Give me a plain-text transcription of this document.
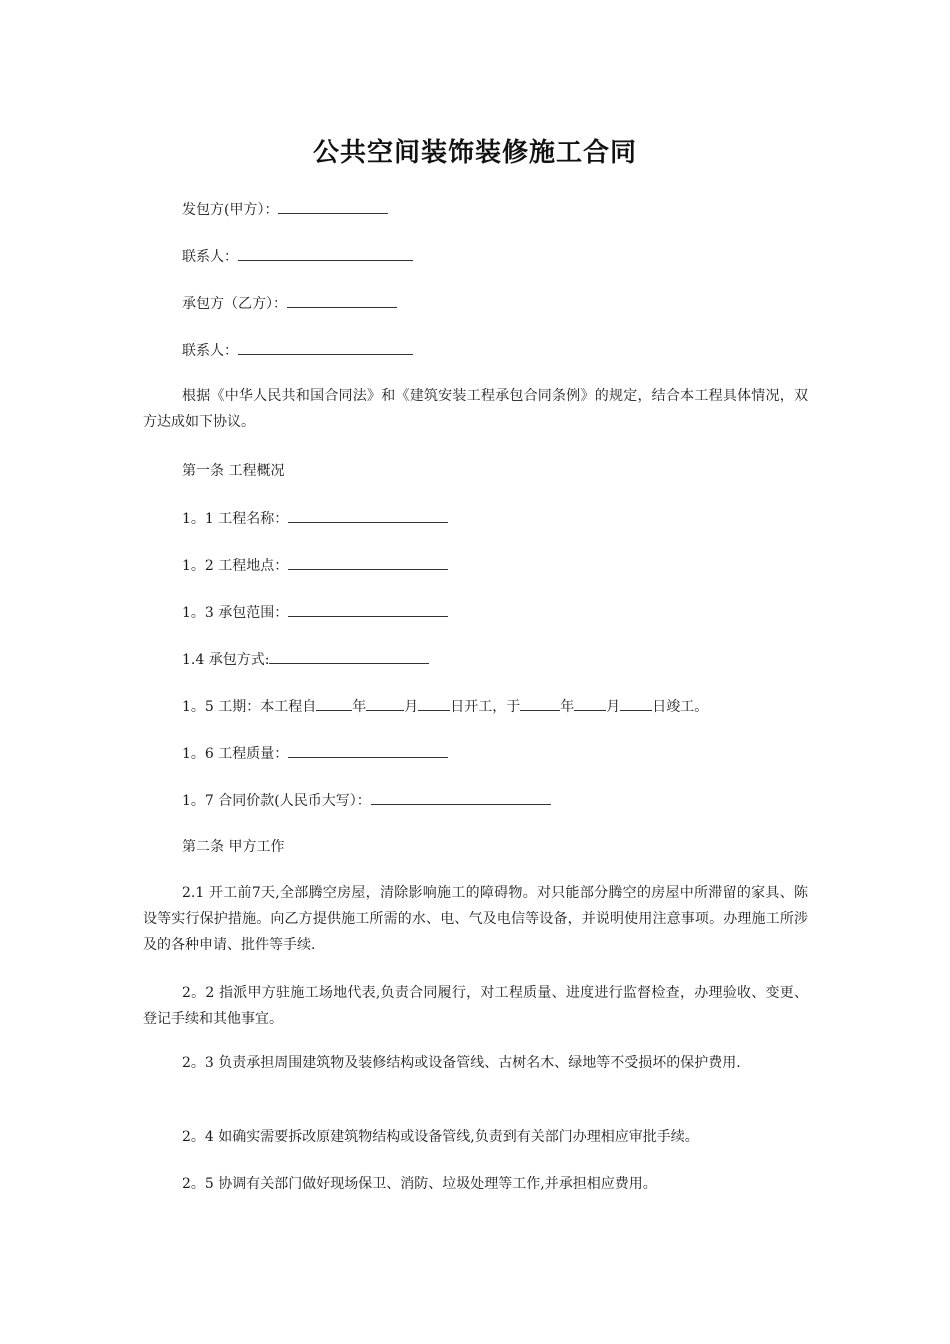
公共空间装饰装修施工合同
发包方(甲方）：
联系人：
承包方（乙方）：
联系人：
根据《中华人民共和国合同法》和《建筑安装工程承包合同条例》的规定，结合本工程具体情况，双方达成如下协议。
第一条 工程概况
1。1 工程名称：
1。2 工程地点：
1。3 承包范围：
1.4 承包方式:
1。5 工期：本工程自	年	月 日开工，于	年 月 日竣工。
1。6 工程质量：
1。7 合同价款(人民币大写）：
第二条 甲方工作
2.1 开工前7天,全部腾空房屋，清除影响施工的障碍物。对只能部分腾空的房屋中所滞留的家具、陈设等实行保护措施。向乙方提供施工所需的水、电、气及电信等设备，并说明使用注意事项。办理施工所涉及的各种申请、批件等手续.
2。2 指派甲方驻施工场地代表,负责合同履行，对工程质量、进度进行监督检查，办理验收、变更、登记手续和其他事宜。
2。3 负责承担周围建筑物及装修结构或设备管线、古树名木、绿地等不受损坏的保护费用.
2。4 如确实需要拆改原建筑物结构或设备管线,负责到有关部门办理相应审批手续。
2。5 协调有关部门做好现场保卫、消防、垃圾处理等工作,并承担相应费用。
